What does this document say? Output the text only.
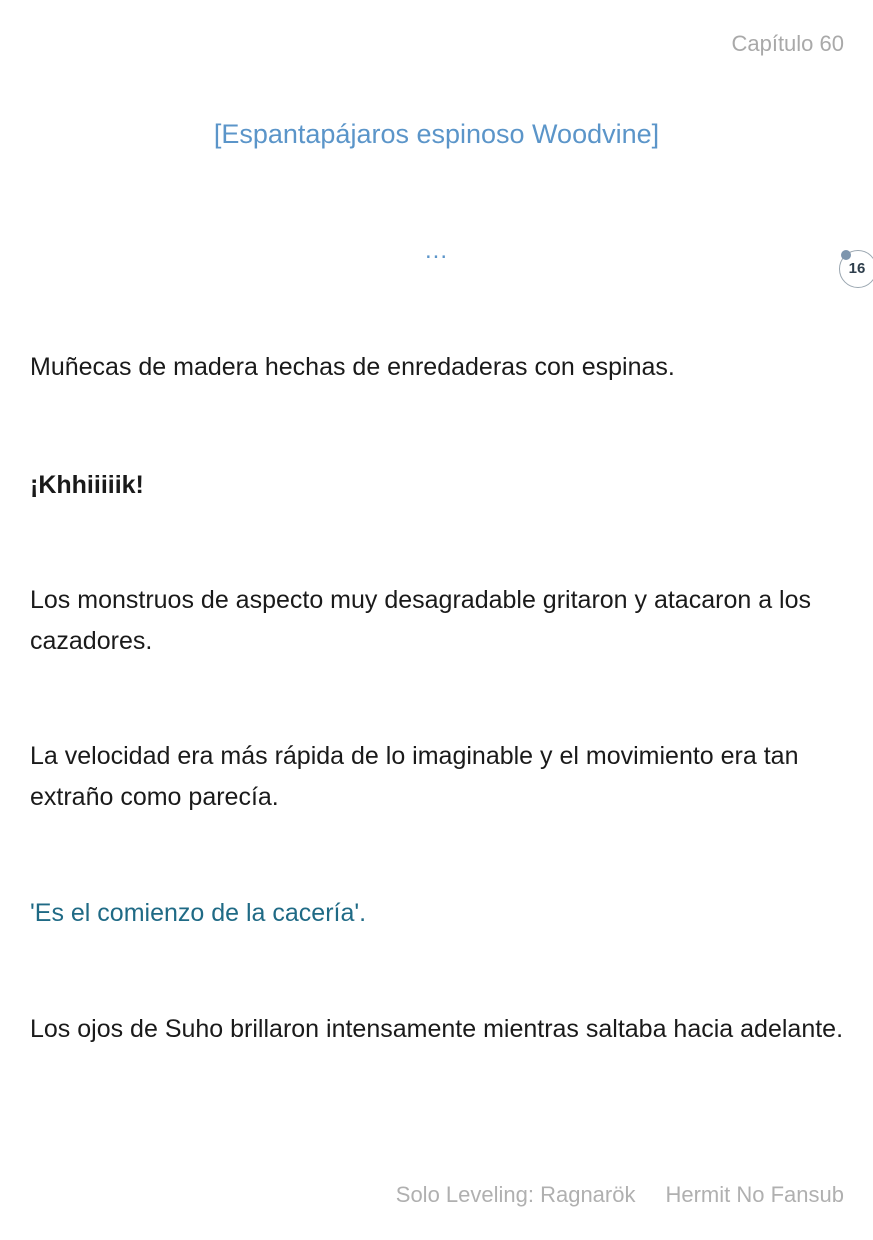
Capítulo 60
[Espantapájaros espinoso Woodvine]
...
16
Muñecas de madera hechas de enredaderas con espinas.
¡Khhiiiiik!
Los monstruos de aspecto muy desagradable gritaron y atacaron a los cazadores.
La velocidad era más rápida de lo imaginable y el movimiento era tan extraño como parecía.
'Es el comienzo de la cacería'.
Los ojos de Suho brillaron intensamente mientras saltaba hacia adelante.
Solo Leveling: Ragnarök Hermit No Fansub
